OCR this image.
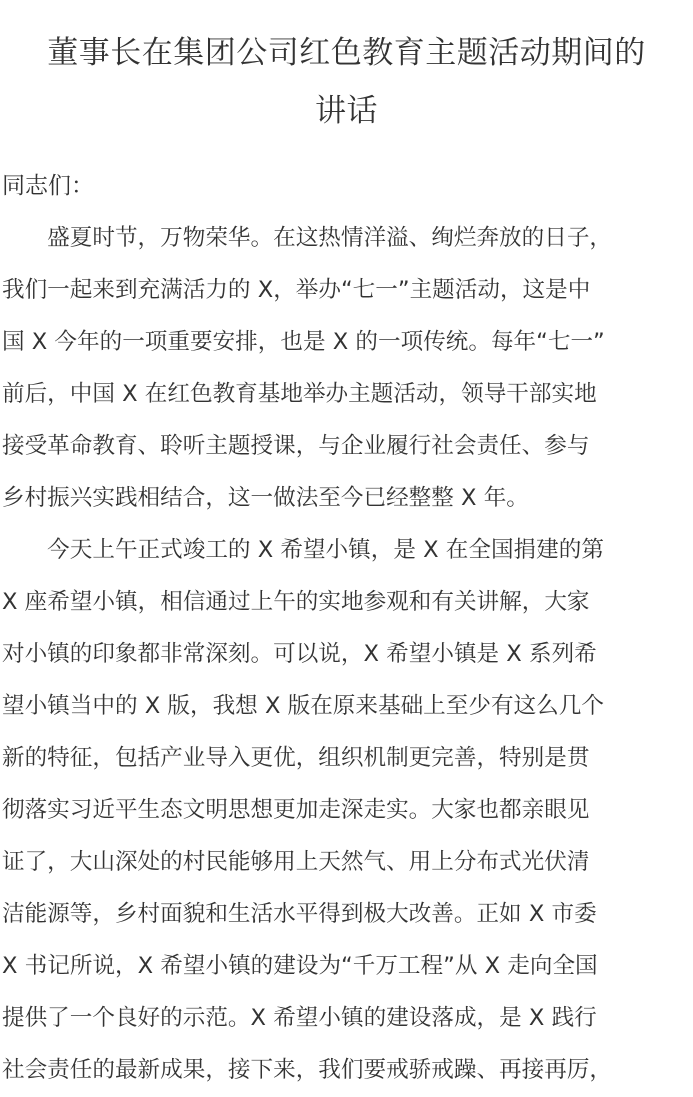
董事长在集团公司红色教育主题活动期间的
讲话

同志们：

　　盛夏时节，万物荣华。在这热情洋溢、绚烂奔放的日子，
我们一起来到充满活力的 X，举办“七一”主题活动，这是中
国 X 今年的一项重要安排，也是 X 的一项传统。每年“七一”
前后，中国 X 在红色教育基地举办主题活动，领导干部实地
接受革命教育、聆听主题授课，与企业履行社会责任、参与
乡村振兴实践相结合，这一做法至今已经整整 X 年。
　　今天上午正式竣工的 X 希望小镇，是 X 在全国捐建的第
X 座希望小镇，相信通过上午的实地参观和有关讲解，大家
对小镇的印象都非常深刻。可以说，X 希望小镇是 X 系列希
望小镇当中的 X 版，我想 X 版在原来基础上至少有这么几个
新的特征，包括产业导入更优，组织机制更完善，特别是贯
彻落实习近平生态文明思想更加走深走实。大家也都亲眼见
证了，大山深处的村民能够用上天然气、用上分布式光伏清
洁能源等，乡村面貌和生活水平得到极大改善。正如 X 市委
X 书记所说，X 希望小镇的建设为“千万工程”从 X 走向全国
提供了一个良好的示范。X 希望小镇的建设落成，是 X 践行
社会责任的最新成果，接下来，我们要戒骄戒躁、再接再厉，
